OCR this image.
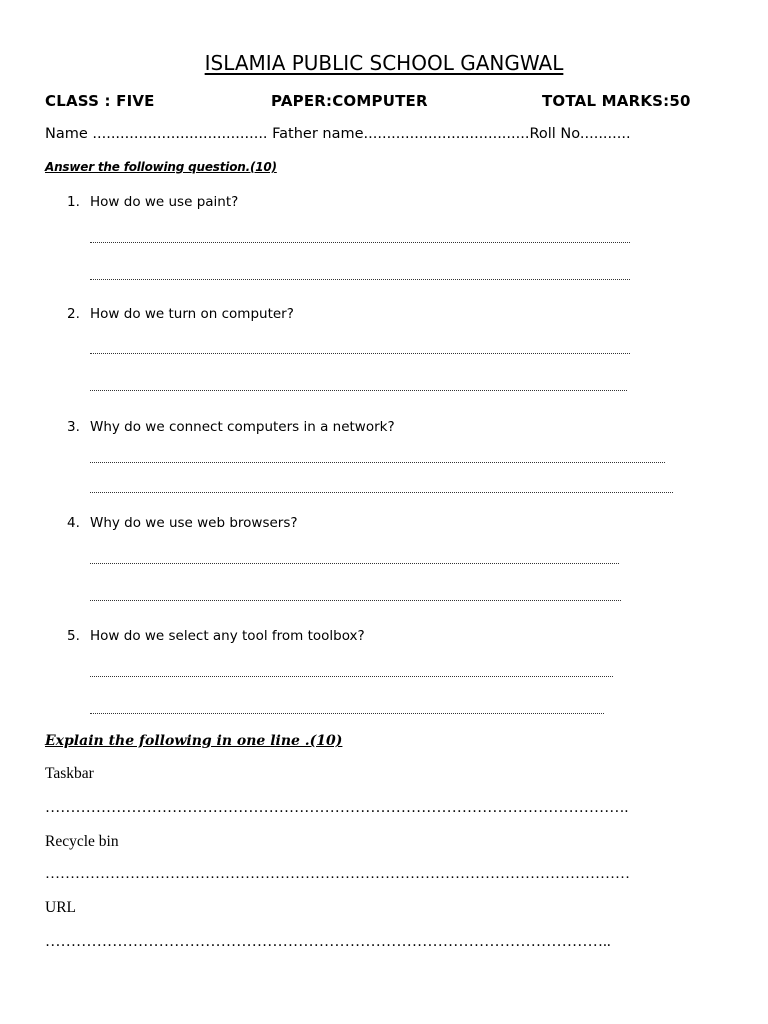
ISLAMIA PUBLIC SCHOOL GANGWAL
CLASS : FIVE	PAPER:COMPUTER	TOTAL MARKS:50
Name ...................................... Father name....................................Roll No...........
Answer the following question.(10)
1. How do we use paint?
2. How do we turn on computer?
3. Why do we connect computers in a network?
4. Why do we use web browsers?
5. How do we select any tool from toolbox?
Explain the following in one line .(10)
Taskbar
…………………………………………………………………………………………………….
Recycle bin
………………………………………………………………………………………………………
URL
………………………………………………………………………………………………..
